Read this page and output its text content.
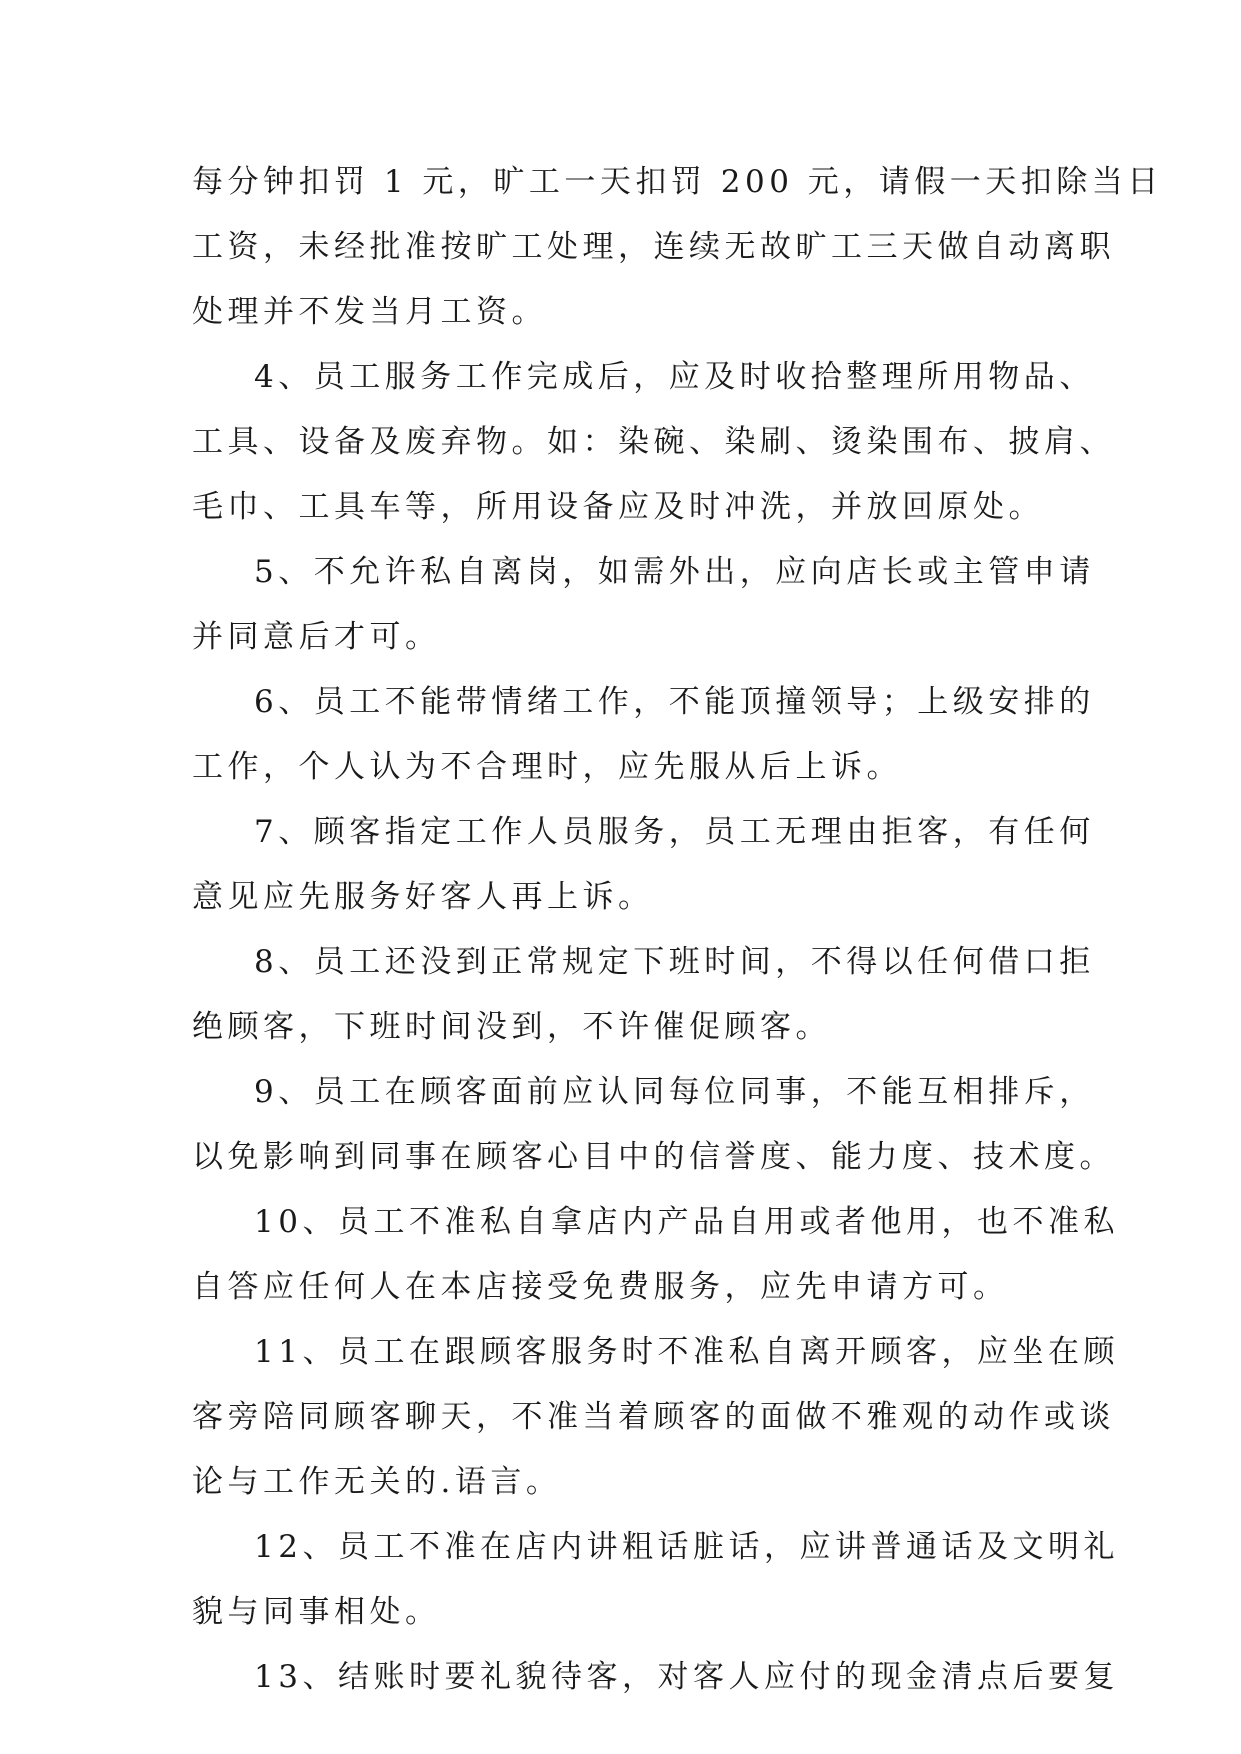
每分钟扣罚 1 元，旷工一天扣罚 200 元，请假一天扣除当日
工资，未经批准按旷工处理，连续无故旷工三天做自动离职
处理并不发当月工资。
4、员工服务工作完成后，应及时收拾整理所用物品、
工具、设备及废弃物。如：染碗、染刷、烫染围布、披肩、
毛巾、工具车等，所用设备应及时冲洗，并放回原处。
5、不允许私自离岗，如需外出，应向店长或主管申请
并同意后才可。
6、员工不能带情绪工作，不能顶撞领导；上级安排的
工作，个人认为不合理时，应先服从后上诉。
7、顾客指定工作人员服务，员工无理由拒客，有任何
意见应先服务好客人再上诉。
8、员工还没到正常规定下班时间，不得以任何借口拒
绝顾客，下班时间没到，不许催促顾客。
9、员工在顾客面前应认同每位同事，不能互相排斥，
以免影响到同事在顾客心目中的信誉度、能力度、技术度。
10、员工不准私自拿店内产品自用或者他用，也不准私
自答应任何人在本店接受免费服务，应先申请方可。
11、员工在跟顾客服务时不准私自离开顾客，应坐在顾
客旁陪同顾客聊天，不准当着顾客的面做不雅观的动作或谈
论与工作无关的.语言。
12、员工不准在店内讲粗话脏话，应讲普通话及文明礼
貌与同事相处。
13、结账时要礼貌待客，对客人应付的现金清点后要复
